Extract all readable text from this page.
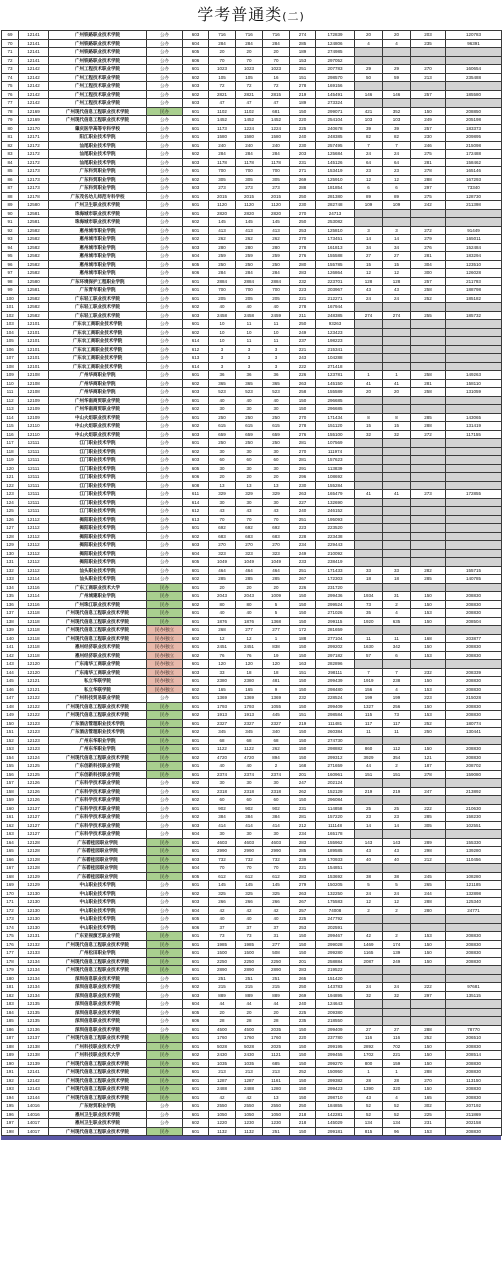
学考普通类(二)
69	12141	广州铁路职业技术学院	公办	603	716	716	716	274	172839	20	20	203	120783
70	12141	广州铁路职业技术学院	公办	604	284	284	284	285	124806	4	4	235	96391
71	12141	广州铁路职业技术学院	公办	605	20	20	20	189	274985				
72	12141	广州铁路职业技术学院	公办	606	70	70	70	153	297052				
73	12142	广州工程技术职业学院	公办	601	1023	1023	1023	251	207783	29	29	270	160654
74	12142	广州工程技术职业学院	公办	602	105	105	16	151	298570	50	59	213	235488
75	12142	广州工程技术职业学院	公办	603	72	72	72	278	169156				
76	12142	广州工程技术职业学院	公办	602	2821	2821	2815	219	145491	146	146	257	185580
77	12142	广州工程技术职业学院	公办	603	47	47	47	189	273324				
78	12169	广州现代信息工程职业技术学院	民办	601	1102	1102	681	150	299071	421	352	150	208850
79	12169	广州现代信息工程职业技术学院	公办	601	1452	1452	1452	220	254104	103	103	249	205198
80	12170	肇庆医学高等专科学校	公办	601	1173	1224	1224	225	240678	39	39	257	183373
81	12171	阳江职业技术学院	公办	601	1580	1580	1580	240	248385	82	82	230	209895
82	12172	汕尾职业技术学院	公办	601	240	240	240	230	257495	7	7	246	215098
83	12172	汕尾职业技术学院	公办	602	284	284	284	203	125684	24	24	275	172488
84	12172	汕尾职业技术学院	公办	603	1178	1178	1178	231	145126	64	64	281	158462
85	12173	广东科贸职业学院	公办	601	700	700	700	271	153419	23	23	278	165146
86	12173	广东科贸职业学院	公办	602	305	305	305	269	125910	12	12	288	167293
87	12173	广东科贸职业学院	公办	603	273	273	273	288	181854	6	6	297	73340
88	12178	广东茂名幼儿师范专科学校	公办	601	2015	2015	2015	250	281380	89	89	275	128730
89	12580	广州卫生职业技术学院	公办	601	1120	1120	1120	230	282748	109	109	242	211398
90	12581	珠海城市职业技术学院	公办	601	2820	2820	2820	270	24713				
91	12581	珠海城市职业技术学院	公办	602	145	145	145	250	253082				
92	12582	惠州城市职业学院	公办	601	413	413	413	253	125810	3	3	272	91449
93	12582	惠州城市职业学院	公办	602	262	262	262	270	173451	14	14	279	165011
94	12582	惠州城市职业学院	公办	603	280	280	280	278	161813	34	34	276	152484
95	12582	惠州城市职业学院	公办	604	259	259	259	276	155588	27	27	281	183294
96	12582	惠州城市职业学院	公办	605	250	250	250	280	155785	15	15	304	123510
97	12582	惠州城市职业学院	公办	606	284	284	284	283	126864	12	12	300	126028
98	12580	广东环境保护工程职业学院	公办	601	2884	2884	2884	232	223701	128	128	257	211793
99	12581	广东青年职业学院	公办	601	700	700	700	223	203967	43	43	258	188798
100	12582	广东轻工职业技术学院	公办	601	205	205	205	221	212271	24	24	252	185182
101	12582	广东轻工职业技术学院	公办	602	40	40	40	278	167944				
102	12582	广东轻工职业技术学院	公办	603	2458	2458	2459	211	248385	274	274	255	185732
103	12101	广东农工商职业技术学院	公办	601	10	11	11	250	93263				
104	12101	广东农工商职业技术学院	公办	602	10	10	10	249	123423				
105	12101	广东农工商职业技术学院	公办	614	10	11	11	237	198223				
106	12101	广东农工商职业技术学院	公办	612	3	3	3	221	215341				
107	12101	广东农工商职业技术学院	公办	613	3	3	3	243	104288				
108	12101	广东农工商职业技术学院	公办	614	3	3	3	222	271418				
109	12108	广州华商职业学院	公办	601	36	36	36	226	123781	1	1	258	149263
110	12108	广州华商职业学院	公办	602	365	365	365	263	145150	41	41	281	158110
111	12108	广州华商职业学院	公办	603	523	523	523	258	155589	20	20	258	131059
112	12109	广州华南商贸职业学院	公办	601	40	40	40	150	296685				
113	12109	广州华南商贸职业学院	公办	602	30	30	30	150	296685				
114	12109	中山火炬职业技术学院	公办	601	250	250	250	270	171434	8	8	285	143065
115	12110	中山火炬职业技术学院	公办	602	615	615	615	278	151120	15	15	288	131419
116	12110	中山火炬职业技术学院	公办	603	659	659	659	276	155100	32	32	272	117155
117	12111	江门职业技术学院	公办	601	250	250	250	281	107569				
118	12111	江门职业技术学院	公办	602	30	30	30	270	111974				
119	12111	江门职业技术学院	公办	603	60	60	60	281	157623				
120	12111	江门职业技术学院	公办	605	30	30	30	291	113839				
121	12111	江门职业技术学院	公办	606	20	20	20	296	108692				
122	12111	江门职业技术学院	公办	608	13	13	13	230	155284				
123	12111	江门职业技术学院	公办	611	329	329	329	263	165479	41	41	273	172855
124	12111	江门职业技术学院	公办	614	30	30	30	227	132690				
125	12111	江门职业技术学院	公办	612	43	43	43	240	246152				
126	12112	揭阳职业技术学院	公办	613	70	70	70	251	195093				
127	12112	揭阳职业技术学院	公办	601	692	692	692	223	223520				
128	12112	揭阳职业技术学院	公办	602	683	683	683	228	223438				
129	12112	揭阳职业技术学院	公办	603	270	270	270	234	229443				
130	12112	揭阳职业技术学院	公办	604	323	323	323	249	210092				
131	12112	揭阳职业技术学院	公办	605	1049	1049	1049	233	238419				
132	12112	汕头职业技术学院	公办	601	464	464	464	251	171433	33	33	282	155715
133	12114	汕头职业技术学院	公办	602	285	285	285	267	172303	18	18	285	140785
134	12116	广东工商职业技术大学	民办	601	20	20	20	226	231720				
135	12114	广州城建职业学院	民办	601	2043	2043	1009	150	299436	1934	31	150	208830
136	12116	广州珠江职业技术学院	民办	602	80	80	5	150	299524	73	2	150	208830
137	12118	广州现代信息工程职业技术学院	民办	601	40	40	5	150	271026	35	4	153	208830
138	12118	广州现代信息工程职业技术学院	民办	601	1876	1876	1368	150	299115	1920	635	150	208504
139	12118	广州现代信息工程职业技术学院	民办/独立	601	268	277	277	172	281659				
140	12118	广州现代信息工程职业技术学院	民办/独立	602	12	12	1	188	277104	11	11	168	203877
141	12118	惠州经济职业技术学院	民办/独立	601	2451	2451	838	150	299202	1630	342	150	208830
142	12118	惠州经济职业技术学院	民办/独立	602	76	76	19	150	297182	57	6	153	208830
143	12120	广东南华工商职业学院	民办/独立	601	120	120	120	163	282896				
144	12120	广东南华工商职业学院	民办/独立	603	33	18	18	151	298111	7	7	232	208339
145	12121	私立华联学院	民办/独立	601	2380	2380	481	150	299439	1919	238	150	208830
146	12121	私立华联学院	民办/独立	602	165	165	9	150	298480	156	4	153	208830
147	12122	广州科技贸易职业学院	公办	601	1369	1369	1369	232	228524	199	199	223	215028
148	12122	广州现代信息工程职业技术学院	民办	601	1793	1793	1055	150	299409	1327	256	150	208830
149	12122	广州现代信息工程职业技术学院	民办	602	1913	1913	445	151	298584	115	73	153	208830
150	12123	广东酒店管理职业技术学院	民办	601	2327	2327	2327	219	111481	117	117	252	180774
151	12123	广东酒店管理职业技术学院	民办	602	345	345	340	150	260384	11	11	250	130441
152	12123	广州东华职业学院	民办	601	68	68	68	150	274730				
153	12123	广州东华职业学院	民办	601	1122	1122	262	150	298882	860	112	150	208830
154	12124	广州现代信息工程职业技术学院	民办	602	4720	4720	894	150	299312	3929	354	121	208830
155	12125	广东创新科技职业学院	民办	601	40	40	2	168	271659	44	2	187	208702
156	12125	广东创新科技职业学院	民办	601	2374	2374	2374	201	160961	151	151	278	159080
157	12126	广东科学技术职业学院	公办	602	30	30	30	247	202124				
158	12126	广东科学技术职业学院	公办	601	2318	2318	2318	262	152129	219	219	247	213892
159	12126	广东科学技术职业学院	公办	602	60	60	60	150	296084				
160	12127	广东科学技术职业学院	公办	601	902	902	902	231	114858	25	25	222	210630
161	12127	广东科学技术职业学院	公办	602	384	384	384	281	157220	23	23	285	158230
162	12127	广东科学技术职业学院	公办	603	414	414	414	212	111148	14	14	305	102551
163	12127	广东科学技术职业学院	公办	604	30	30	30	234	165178				
164	12128	广东碧桂园职业学院	民办	601	4603	4603	4603	283	155962	143	143	289	155330
165	12128	广东碧桂园职业学院	民办	601	2990	2990	2990	285	189585	43	43	298	139280
166	12128	广东碧桂园职业学院	民办	603	732	732	732	239	170933	40	40	212	110456
167	12128	广东碧桂园职业学院	民办	604	70	70	70	221	154851				
168	12129	广东碧桂园职业学院	民办	605	612	612	612	283	153692	38	38	245	108280
169	12129	中山职业技术学院	公办	601	145	145	145	279	150205	5	5	265	121185
170	12130	中山职业技术学院	公办	602	325	325	325	263	132250	24	24	244	132898
171	12130	中山职业技术学院	公办	603	266	266	266	267	175583	12	12	288	125340
172	12130	中山职业技术学院	公办	604	42	42	42	257	74008	2	2	280	24771
173	12130	中山职业技术学院	公办	605	40	40	40	225	247792				
174	12130	中山职业技术学院	公办	606	37	37	37	253	202591				
175	12131	广东亚视演艺职业学院	民办	601	73	73	31	150	299467	42	2	153	208830
176	12132	广州现代信息工程职业技术学院	民办	601	1985	1985	277	150	299028	1469	174	150	208830
177	12133	广州松田职业学院	民办	601	1500	1500	508	150	299280	1165	139	150	208830
178	12134	广州现代信息工程职业技术学院	民办	601	2250	2250	2250	201	258884	2087	249	150	208830
179	12134	广州现代信息工程职业技术学院	民办	601	2890	2890	2890	283	219522				
180	12134	深圳信息职业技术学院	公办	601	251	251	251	265	151420				
181	12134	深圳信息职业技术学院	公办	602	215	215	215	250	143783	24	24	222	97681
182	12134	深圳信息职业技术学院	公办	603	889	889	889	269	194895	32	32	297	135115
183	12135	深圳信息职业技术学院	公办	604	44	44	44	240	124643				
184	12135	深圳信息职业技术学院	公办	605	20	20	20	225	209380				
185	12135	深圳信息职业技术学院	公办	606	28	28	28	235	218550				
186	12136	深圳信息职业技术学院	公办	601	4500	4500	2035	150	299409	27	27	288	78770
187	12137	广州现代信息工程职业技术学院	民办	601	1760	1760	1760	220	237780	116	116	252	206510
188	12138	广州科技职业技术大学	民办	601	5028	5028	2025	150	299195	2892	702	150	208830
189	12138	广州科技职业技术大学	民办	602	2430	2430	1121	150	299455	1702	221	150	208514
190	12139	广州现代信息工程职业技术学院	民办	601	1035	1035	685	150	299270	800	159	150	208830
191	12141	广州现代信息工程职业技术学院	民办	601	213	213	213	252	150950	1	1	288	208830
192	12142	广州现代信息工程职业技术学院	民办	601	1287	1287	1161	150	299382	28	28	270	113150
193	12143	广州现代信息工程职业技术学院	民办	601	2488	2488	1280	150	299423	1390	320	150	208830
194	12144	广州现代信息工程职业技术学院	民办	601	42	42	13	150	298710	43	4	165	208830
195	14016	广东财贸职业学院	公办	601	2550	2550	2550	250	184855	52	52	302	207192
196	14016	惠州卫生职业技术学院	公办	601	1050	1050	1050	218	142281	52	52	225	211869
197	14017	惠州卫生职业技术学院	公办	602	1220	1230	1230	218	145029	134	134	231	202158
198	14017	广州现代信息工程职业技术学院	民办	601	1132	1132	251	150	299181	815	96	153	208830
